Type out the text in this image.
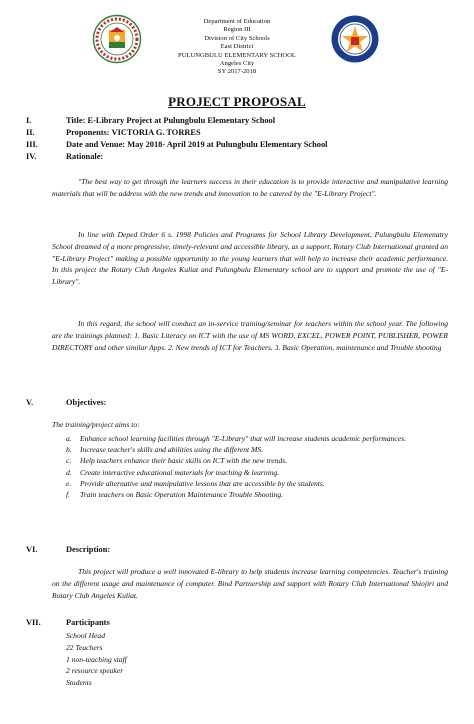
Department of Education
Region III
Division of City Schools
East District
PULUNGBULU ELEMENTARY SCHOOL
Angeles City
SY 2017-2018
PROJECT PROPOSAL
I.	Title: E-Library Project at Pulungbulu Elementary School
II.	Proponents: VICTORIA G. TORRES
III.	Date and Venue: May 2018- April 2019 at Pulungbulu Elementary School
IV.	Rationale:

"The best way to get through the learners success in their education is to provide interactive and manipulative learning materials that will be address with the new trends and innovation to be catered by the "E-Library Project".

In line with Deped Order 6 s. 1998 Policies and Programs for School Library Development, Pulungbulu Elemenatry School dreamed of a more progressive, timely-relevant and accessible library, as a support, Rotary Club International granted an "E-Library Project" making a possible opportunity to the young learners that will help to increase their academic performance. In this project the Rotary Club Angeles Kuliat and Pulungbulu Elementary school are to support and promote the use of "E-Library".

In this regard, the school will conduct an in-service training/seminar for teachers within the school year. The following are the trainings planned: 1. Basic Literacy on ICT with the use of MS WORD, EXCEL, POWER POINT, PUBLISHER, POWER DIRECTORY and other similar Apps. 2. New trends of ICT for Teachers. 3. Basic Operation, maintenance and Trouble shooting

V.	Objectives:
The training/project aims to:
a.	Enhance school learning facilities through "E-Library" that will increase students academic performances.
b.	Increase teacher's skills and abilities using the different MS.
c.	Help teachers enhance their basic skills on ICT with the new trends.
d.	Create interactive educational materials for teaching & learning.
e.	Provide alternative and manipulative lessons that are accessible by the students.
f.	Train teachers on Basic Operation Maintenance Trouble Shooting.
VI.	Description:

This project will produce a well innovated E-library to help students increase learning competencies. Teacher's training on the different usage and maintenance of computer. Bind Partnership and support with Rotary Club International Shiojiri and Rotary Club Angeles Kuliat.

VII.	Participants
School Head
22 Teachers
1 non-teaching staff
2 resource speaker
Students
